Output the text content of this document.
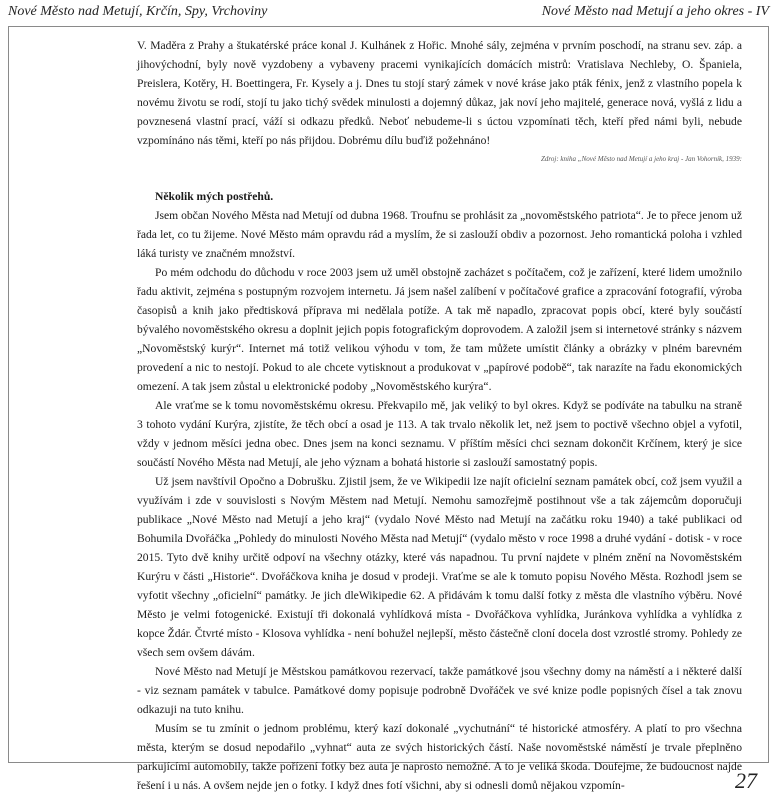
Nové Město nad Metují, Krčín, Spy, Vrchoviny	Nové Město nad Metují a jeho okres - IV

V. Maděra z Prahy a štukatérské práce konal J. Kulhánek z Hořic. Mnohé sály, zejména v prvním poschodí, na stranu sev. záp. a jihovýchodní, byly nově vyzdobeny a vybaveny pracemi vynikajících domácích mistrů: Vratislava Nechleby, O. Španiela, Preislera, Kotěry, H. Boettingera, Fr. Kysely a j. Dnes tu stojí starý zámek v nové kráse jako pták fénix, jenž z vlastního popela k novému životu se rodí, stojí tu jako tichý svědek minulosti a dojemný důkaz, jak noví jeho majitelé, generace nová, vyšlá z lidu a povznesená vlastní prací, váží si odkazu předků. Neboť nebudeme-li s úctou vzpomínati těch, kteří před námi byli, nebude vzpomínáno nás těmi, kteří po nás přijdou. Dobrému dílu buďiž požehnáno!

Zdroj: kniha „Nové Město nad Metují a jeho kraj - Jan Vohorník, 1939:
Několik mých postřehů.

Jsem občan Nového Města nad Metují od dubna 1968. Troufnu se prohlásit za „novoměstského patriota“. Je to přece jenom už řada let, co tu žijeme. Nové Město mám opravdu rád a myslím, že si zaslouží obdiv a pozornost. Jeho romantická poloha i vzhled láká turisty ve značném množství.

Po mém odchodu do důchodu v roce 2003 jsem už uměl obstojně zacházet s počítačem, což je zařízení, které lidem umožnilo řadu aktivit, zejména s postupným rozvojem internetu. Já jsem našel zalíbení v počítačové grafice a zpracování fotografií, výroba časopisů a knih jako předtisková příprava mi nedělala potíže. A tak mě napadlo, zpracovat popis obcí, které byly součástí bývalého novoměstského okresu a doplnit jejich popis fotografickým doprovodem. A založil jsem si internetové stránky s názvem „Novoměstský kurýr“. Internet má totiž velikou výhodu v tom, že tam můžete umístit články a obrázky v plném barevném provedení a nic to nestojí. Pokud to ale chcete vytisknout a produkovat v „papírové podobě“, tak narazíte na řadu ekonomických omezení. A tak jsem zůstal u elektronické podoby „Novoměstského kurýra“.

Ale vraťme se k tomu novoměstskému okresu. Překvapilo mě, jak veliký to byl okres. Když se podíváte na tabulku na straně 3 tohoto vydání Kurýra, zjistíte, že těch obcí a osad je 113. A tak trvalo několik let, než jsem to poctivě všechno objel a vyfotil, vždy v jednom měsíci jedna obec. Dnes jsem na konci seznamu. V příštím měsíci chci seznam dokončit Krčínem, který je sice součástí Nového Města nad Metují, ale jeho význam a bohatá historie si zaslouží samostatný popis.

Už jsem navštívil Opočno a Dobrušku. Zjistil jsem, že ve Wikipedii lze najít oficielní seznam památek obcí, což jsem využil a využívám i zde v souvislosti s Novým Městem nad Metují. Nemohu samozřejmě postihnout vše a tak zájemcům doporučuji publikace „Nové Město nad Metují a jeho kraj“ (vydalo Nové Město nad Metují na začátku roku 1940) a také publikaci od Bohumila Dvořáčka „Pohledy do minulosti Nového Města nad Metují“ (vydalo město v roce 1998 a druhé vydání - dotisk - v roce 2015. Tyto dvě knihy určitě odpoví na všechny otázky, které vás napadnou. Tu první najdete v plném znění na Novoměstském Kurýru v části „Historie“. Dvořáčkova kniha je dosud v prodeji. Vraťme se ale k tomuto popisu Nového Města. Rozhodl jsem se vyfotit všechny „oficielní“ památky. Je jich dleWikipedie 62. A přidávám k tomu další fotky z města dle vlastního výběru. Nové Město je velmi fotogenické. Existují tři dokonalá vyhlídková místa - Dvořáčkova vyhlídka, Juránkova vyhlídka a vyhlídka z kopce Ždár. Čtvrté místo - Klosova vyhlídka - není bohužel nejlepší, město částečně cloní docela dost vzrostlé stromy. Pohledy ze všech sem ovšem dávám.

Nové Město nad Metují je Městskou památkovou rezervací, takže památkové jsou všechny domy na náměstí a i některé další - viz seznam památek v tabulce. Památkové domy popisuje podrobně Dvořáček ve své knize podle popisných čísel a tak znovu odkazuji na tuto knihu.

Musím se tu zmínit o jednom problému, který kazí dokonalé „vychutnání“ té historické atmosféry. A platí to pro všechna města, kterým se dosud nepodařilo „vyhnat“ auta ze svých historických částí. Naše novoměstské náměstí je trvale přeplněno parkujícími automobily, takže pořízení fotky bez auta je naprosto nemožné. A to je veliká škoda. Doufejme, že budoucnost najde řešení i u nás. A ovšem nejde jen o fotky. I když dnes fotí všichni, aby si odnesli domů nějakou vzpomín-	27
